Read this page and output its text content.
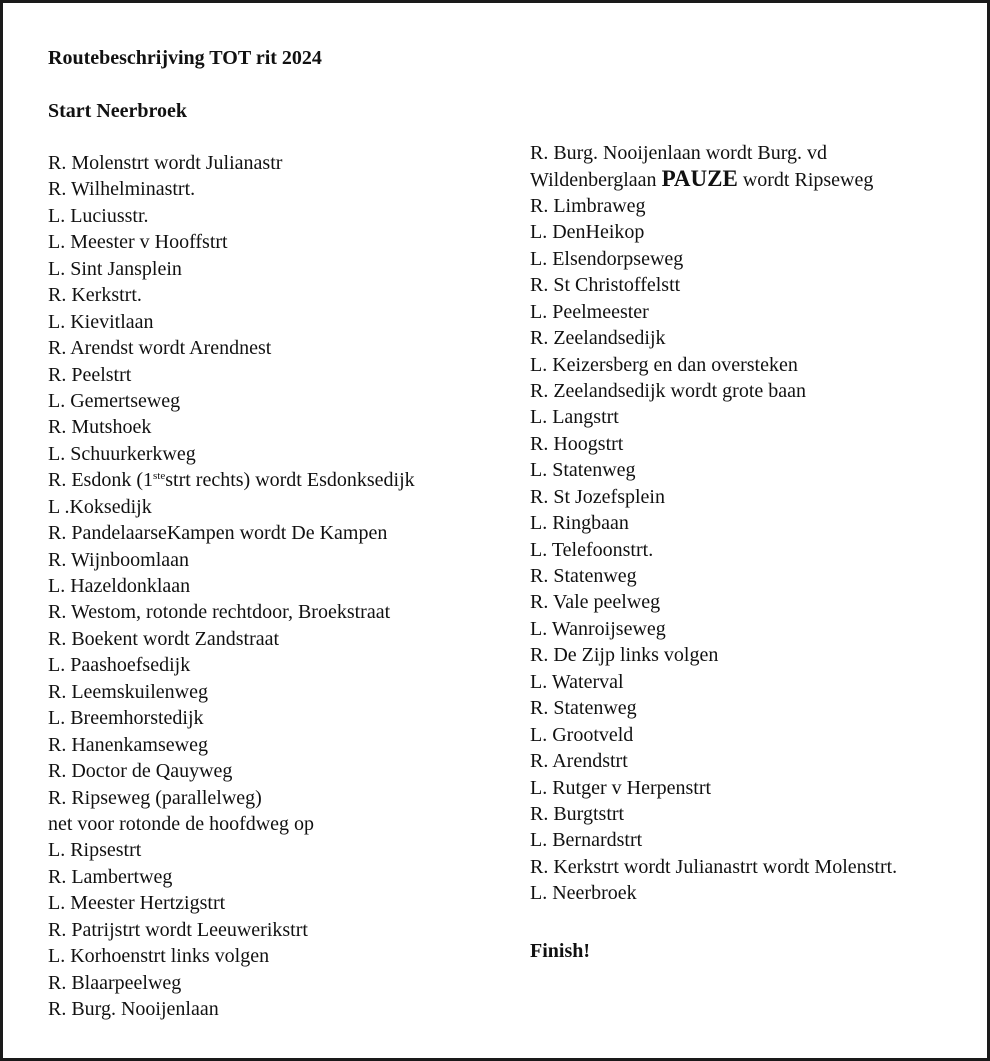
Routebeschrijving TOT rit 2024

Start Neerbroek

R. Molenstrt wordt Julianastr
R. Wilhelminastrt.
L. Luciusstr.
L. Meester v Hooffstrt
L. Sint Jansplein
R. Kerkstrt.
L. Kievitlaan
R. Arendst wordt Arendnest
R. Peelstrt
L. Gemertseweg
R. Mutshoek
L. Schuurkerkweg
R. Esdonk (1stestrt rechts) wordt Esdonksedijk
L .Koksedijk
R. PandelaarseKampen wordt De Kampen
R. Wijnboomlaan
L. Hazeldonklaan
R. Westom, rotonde rechtdoor, Broekstraat
R. Boekent wordt Zandstraat
L. Paashoefsedijk
R. Leemskuilenweg
L. Breemhorstedijk
R. Hanenkamseweg
R. Doctor de Qauyweg
R. Ripseweg (parallelweg)
net voor rotonde de hoofdweg op
L. Ripsestrt
R. Lambertweg
L. Meester Hertzigstrt
R. Patrijstrt wordt Leeuwerikstrt
L. Korhoenstrt links volgen
R. Blaarpeelweg
R. Burg. Nooijenlaan
R. Burg. Nooijenlaan wordt Burg. vd
Wildenberglaan PAUZE wordt Ripseweg
R. Limbraweg
L. DenHeikop
L. Elsendorpseweg
R. St Christoffelstt
L. Peelmeester
R. Zeelandsedijk
L. Keizersberg en dan oversteken
R. Zeelandsedijk wordt grote baan
L. Langstrt
R. Hoogstrt
L. Statenweg
R. St Jozefsplein
L. Ringbaan
L. Telefoonstrt.
R. Statenweg
R. Vale peelweg
L. Wanroijseweg
R. De Zijp links volgen
L. Waterval
R. Statenweg
L. Grootveld
R. Arendstrt
L. Rutger v Herpenstrt
R. Burgtstrt
L. Bernardstrt
R. Kerkstrt wordt Julianastrt wordt Molenstrt.
L. Neerbroek

Finish!
